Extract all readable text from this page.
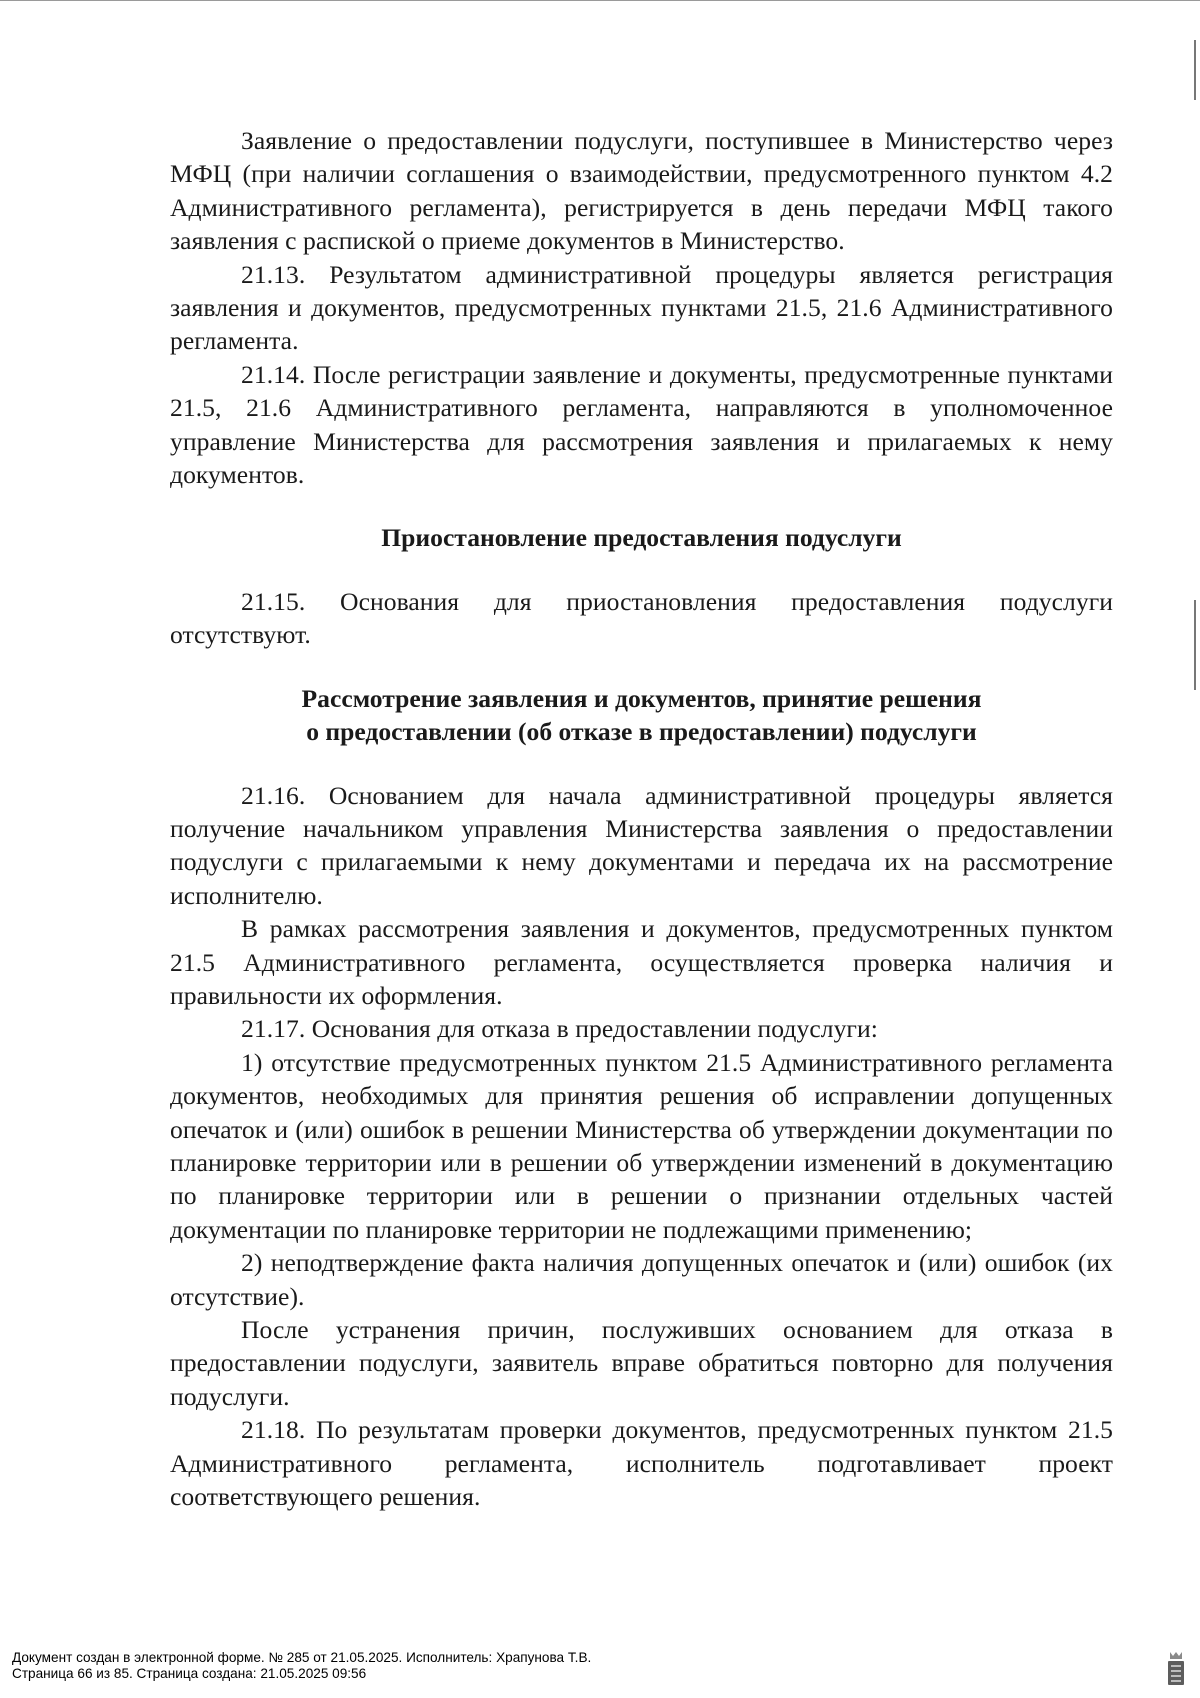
Заявление о предоставлении подуслуги, поступившее в Министерство через МФЦ (при наличии соглашения о взаимодействии, предусмотренного пунктом 4.2 Административного регламента), регистрируется в день передачи МФЦ такого заявления с распиской о приеме документов в Министерство.

21.13. Результатом административной процедуры является регистрация заявления и документов, предусмотренных пунктами 21.5, 21.6 Административного регламента.

21.14. После регистрации заявление и документы, предусмотренные пунктами 21.5, 21.6 Административного регламента, направляются в уполномоченное управление Министерства для рассмотрения заявления и прилагаемых к нему документов.

Приостановление предоставления подуслуги

21.15. Основания для приостановления предоставления подуслуги отсутствуют.

Рассмотрение заявления и документов, принятие решения

о предоставлении (об отказе в предоставлении) подуслуги

21.16. Основанием для начала административной процедуры является получение начальником управления Министерства заявления о предоставлении подуслуги с прилагаемыми к нему документами и передача их на рассмотрение исполнителю.

В рамках рассмотрения заявления и документов, предусмотренных пунктом 21.5 Административного регламента, осуществляется проверка наличия и правильности их оформления.

21.17. Основания для отказа в предоставлении подуслуги:

1) отсутствие предусмотренных пунктом 21.5 Административного регламента документов, необходимых для принятия решения об исправлении допущенных опечаток и (или) ошибок в решении Министерства об утверждении документации по планировке территории или в решении об утверждении изменений в документацию по планировке территории или в решении о признании отдельных частей документации по планировке территории не подлежащими применению;

2) неподтверждение факта наличия допущенных опечаток и (или) ошибок (их отсутствие).

После устранения причин, послуживших основанием для отказа в предоставлении подуслуги, заявитель вправе обратиться повторно для получения подуслуги.

21.18. По результатам проверки документов, предусмотренных пунктом 21.5 Административного регламента, исполнитель подготавливает проект соответствующего решения.

Документ создан в электронной форме. № 285 от 21.05.2025. Исполнитель: Храпунова Т.В.
Страница 66 из 85. Страница создана: 21.05.2025 09:56
